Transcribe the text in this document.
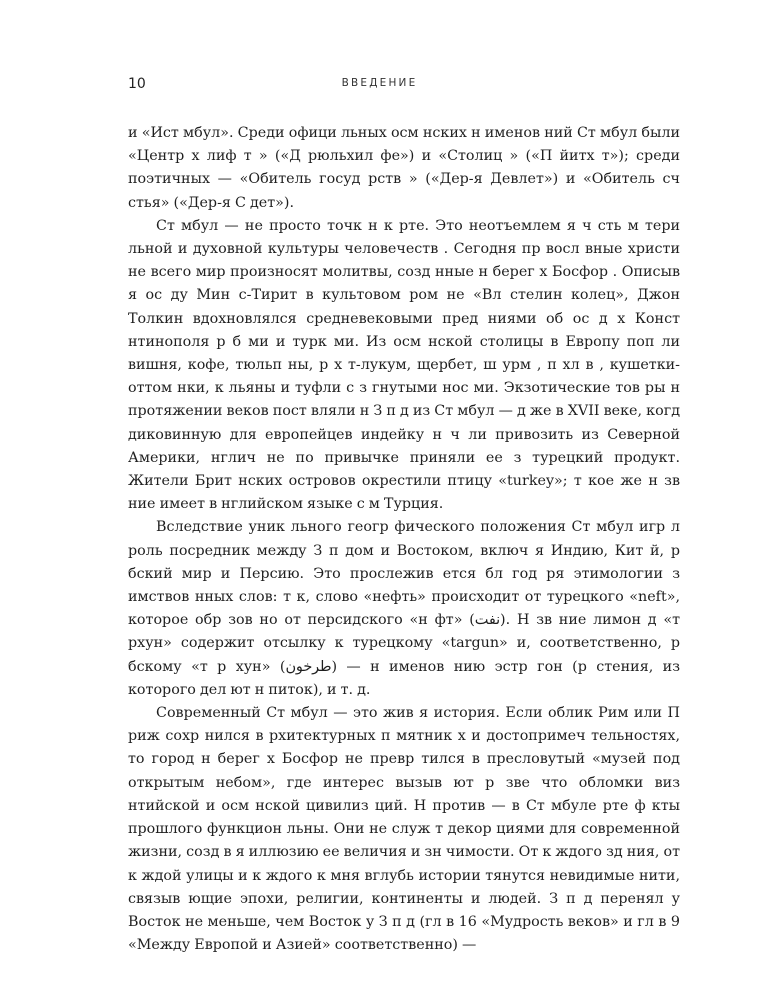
10	ВВЕДЕНИЕ

и «Ист мбул». Среди офици льных осм нских н именов ний Ст мбул были «Центр х лиф т » («Д рюльхил фе») и «Столиц » («П йитх т»); среди поэтичных — «Обитель госуд рств » («Дер-я Девлет») и «Обитель сч стья» («Дер-я С дет»).

Ст мбул — не просто точк н к рте. Это неотъемлем я ч сть м тери льной и духовной культуры человечеств . Сегодня пр восл вные христи не всего мир произносят молитвы, созд нные н берег х Босфор . Описыв я ос ду Мин с-Тирит в культовом ром не «Вл стелин колец», Джон Толкин вдохновлялся средневековыми пред ниями об ос д х Конст нтинополя р б ми и турк ми. Из осм нской столицы в Европу поп ли вишня, кофе, тюльп ны, р х т-лукум, щербет, ш урм , п хл в , кушетки-оттом нки, к льяны и туфли с з гнутыми нос ми. Экзотические тов ры н протяжении веков пост вляли н З п д из Ст мбул — д же в XVII веке, когд диковинную для европейцев индейку н ч ли привозить из Северной Америки, нглич не по привычке приняли ее з турецкий продукт. Жители Брит нских островов окрестили птицу «turkey»; т кое же н зв ние имеет в нглийском языке с м Турция.

Вследствие уник льного геогр фического положения Ст мбул игр л роль посредник между З п дом и Востоком, включ я Индию, Кит й, р бский мир и Персию. Это прослежив ется бл год ря этимологии з имствов нных слов: т к, слово «нефть» происходит от турецкого «neft», которое обр зов но от персидского «н фт» (نفت). Н зв ние лимон д «т рхун» содержит отсылку к турецкому «targun» и, соответственно, р бскому «т р хун» (طرخون) — н именов нию эстр гон (р стения, из которого дел ют н питок), и т. д.

Современный Ст мбул — это жив я история. Если облик Рим или П риж сохр нился в рхитектурных п мятник х и достопримеч тельностях, то город н берег х Босфор не превр тился в пресловутый «музей под открытым небом», где интерес вызыв ют р зве что обломки виз нтийской и осм нской цивилиз ций. Н против — в Ст мбуле рте ф кты прошлого функцион льны. Они не служ т декор циями для современной жизни, созд в я иллюзию ее величия и зн чимости. От к ждого зд ния, от к ждой улицы и к ждого к мня вглубь истории тянутся невидимые нити, связыв ющие эпохи, религии, континенты и людей. З п д перенял у Восток не меньше, чем Восток у З п д (гл в 16 «Мудрость веков» и гл в 9 «Между Европой и Азией» соответственно) —
